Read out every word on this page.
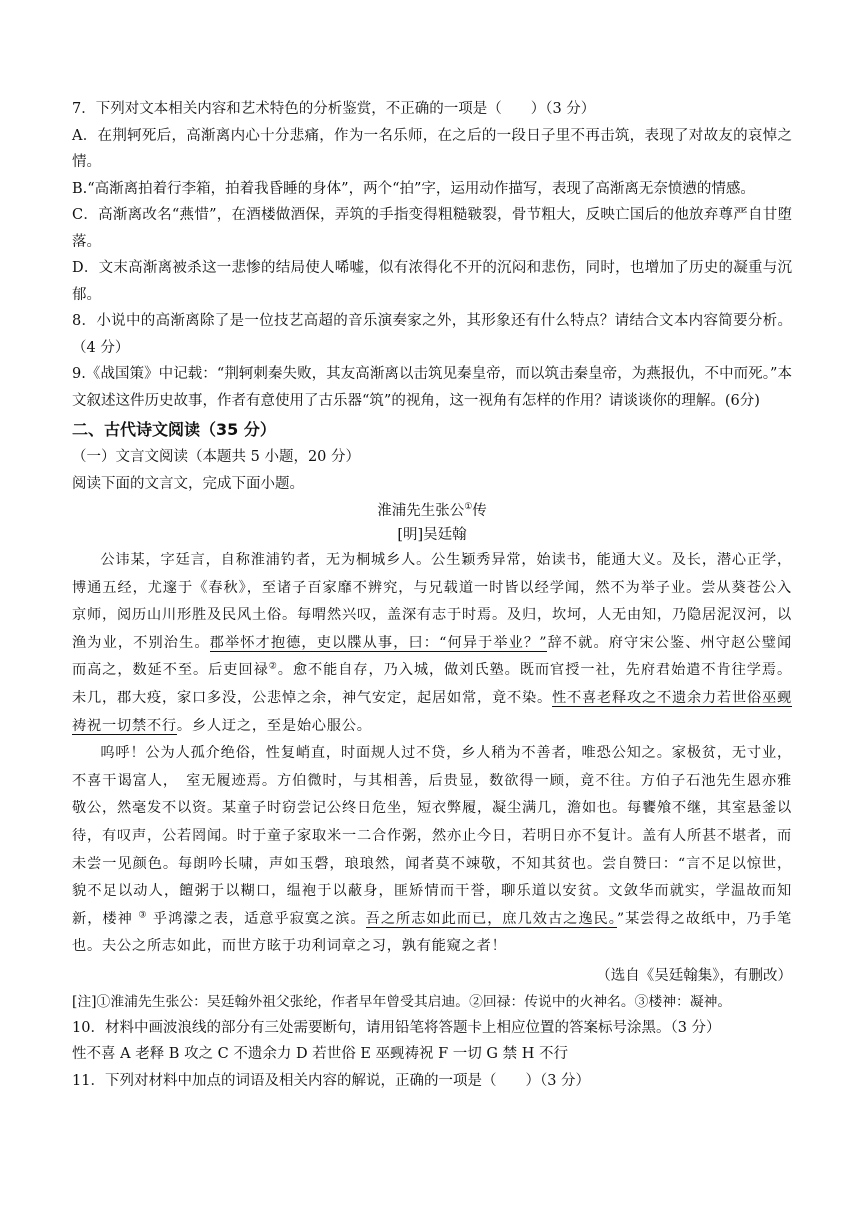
7．下列对文本相关内容和艺术特色的分析鉴赏，不正确的一项是（　　）（3 分）
A．在荆轲死后，高渐离内心十分悲痛，作为一名乐师，在之后的一段日子里不再击筑，表现了对故友的哀悼之情。
B.“高渐离拍着行李箱，拍着我昏睡的身体”，两个“拍”字，运用动作描写，表现了高渐离无奈愤懑的情感。
C．高渐离改名“燕惜”，在酒楼做酒保，弄筑的手指变得粗糙皲裂，骨节粗大，反映亡国后的他放弃尊严自甘堕落。
D．文末高渐离被杀这一悲惨的结局使人唏嘘，似有浓得化不开的沉闷和悲伤，同时，也增加了历史的凝重与沉郁。
8．小说中的高渐离除了是一位技艺高超的音乐演奏家之外，其形象还有什么特点？请结合文本内容简要分析。（4 分）
9.《战国策》中记载：“荆轲刺秦失败，其友高渐离以击筑见秦皇帝，而以筑击秦皇帝，为燕报仇，不中而死。”本文叙述这件历史故事，作者有意使用了古乐器“筑”的视角，这一视角有怎样的作用？请谈谈你的理解。(6分)
二、古代诗文阅读（35 分）
（一）文言文阅读（本题共 5 小题，20 分）
阅读下面的文言文，完成下面小题。
淮浦先生张公①传
[明]吴廷翰
公讳某，字廷言，自称淮浦钓者，无为桐城乡人。公生颖秀异常，始读书，能通大义。及长，潜心正学，博通五经，尤邃于《春秋》，至诸子百家靡不辨究，与兄载道一时皆以经学闻，然不为举子业。尝从葵苍公入京师，阅历山川形胜及民风土俗。每喟然兴叹，盖深有志于时焉。及归，坎坷，人无由知，乃隐居泥汊河，以渔为业，不别治生。郡举怀才抱德，吏以牒从事，曰：“何异于举业？”辞不就。府守宋公鉴、州守赵公璧闻而高之，数延不至。后吏回禄②。愈不能自存，乃入城，做刘氏塾。既而官授一社，先府君始遣不肯往学焉。未几，郡大疫，家口多没，公悲悼之余，神气安定，起居如常，竟不染。性不喜老释攻之不遗余力若世俗巫觋祷祝一切禁不行。乡人迂之，至是始心服公。
呜呼！公为人孤介绝俗，性复峭直，时面规人过不贷，乡人稍为不善者，唯恐公知之。家极贫，无寸业，不喜干谒富人，　室无履迹焉。方伯微时，与其相善，后贵显，数欲得一顾，竟不往。方伯子石池先生恩亦雅敬公，然毫发不以资。某童子时窃尝记公终日危坐，短衣弊履，凝尘满几，澹如也。每饔飧不继，其室悬釜以待，有叹声，公若罔闻。时于童子家取米一二合作粥，然亦止今日，若明日亦不复计。盖有人所甚不堪者，而未尝一见颜色。每朗吟长啸，声如玉磬，琅琅然，闻者莫不竦敬，不知其贫也。尝自赞曰：“言不足以惊世，貌不足以动人，饘粥于以糊口，缊袍于以蔽身，匪矫情而干誉，聊乐道以安贫。文敛华而就实，学温故而知新，楼神 ③ 乎鸿濛之表，适意乎寂寞之滨。吾之所志如此而已，庶几效古之逸民。”某尝得之故纸中，乃手笔也。夫公之所志如此，而世方眩于功利词章之习，孰有能窥之者！
（选自《吴廷翰集》，有删改）
[注]①淮浦先生张公：吴廷翰外祖父张纶，作者早年曾受其启迪。②回禄：传说中的火神名。③楼神：凝神。
10．材料中画波浪线的部分有三处需要断句，请用铅笔将答题卡上相应位置的答案标号涂黑。（3 分）
性不喜 A 老释 B 攻之 C 不遗余力 D 若世俗 E 巫觋祷祝 F 一切 G 禁 H 不行
11．下列对材料中加点的词语及相关内容的解说，正确的一项是（　　）（3 分）
